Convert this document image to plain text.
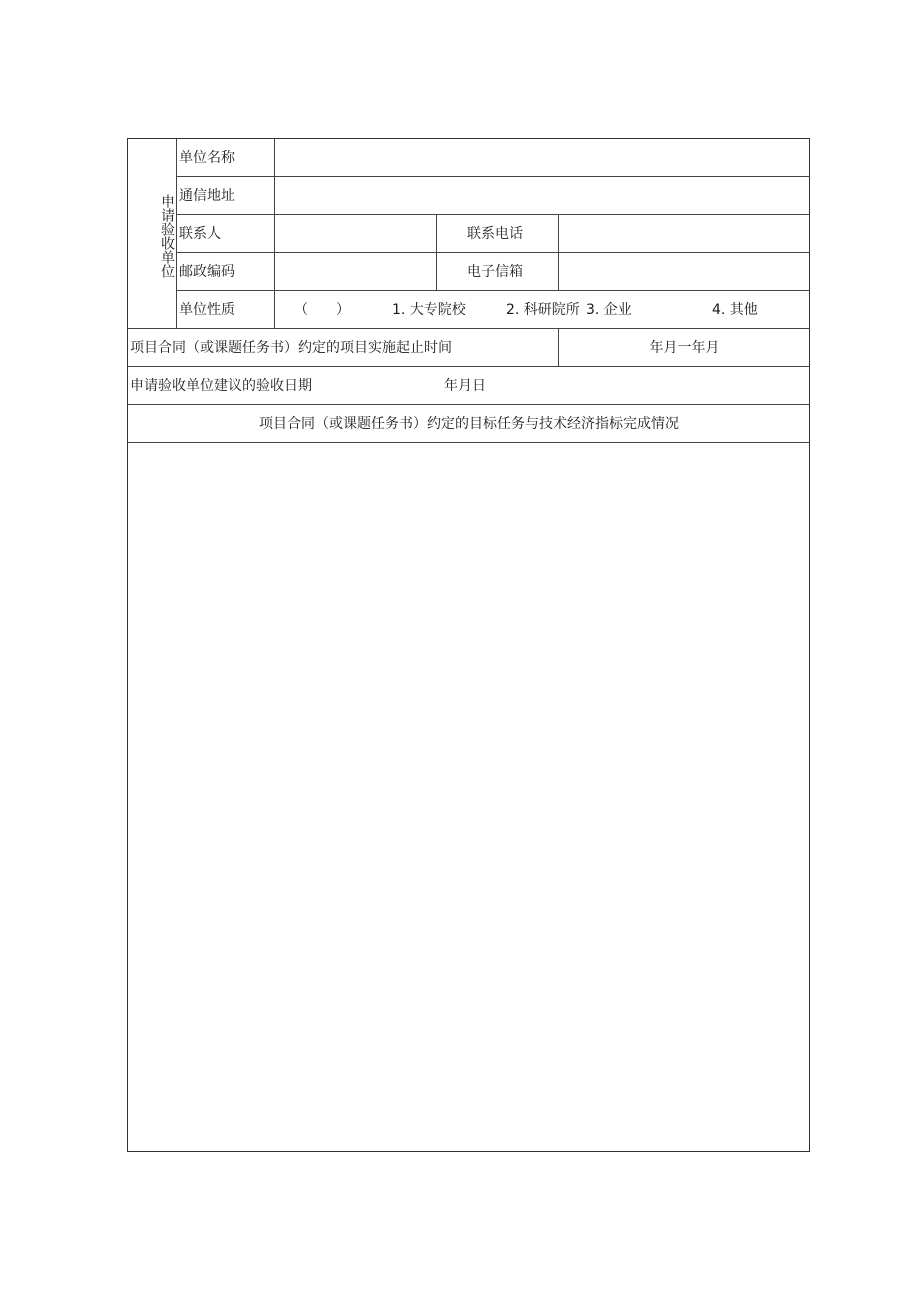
申请验收单位
单位名称
通信地址
联系人	联系电话
邮政编码	电子信箱
单位性质	（　　）	1. 大专院校	2. 科研院所 3. 企业	4. 其他
项目合同（或课题任务书）约定的项目实施起止时间	年月一年月
申请验收单位建议的验收日期	年月日
项目合同（或课题任务书）约定的目标任务与技术经济指标完成情况
